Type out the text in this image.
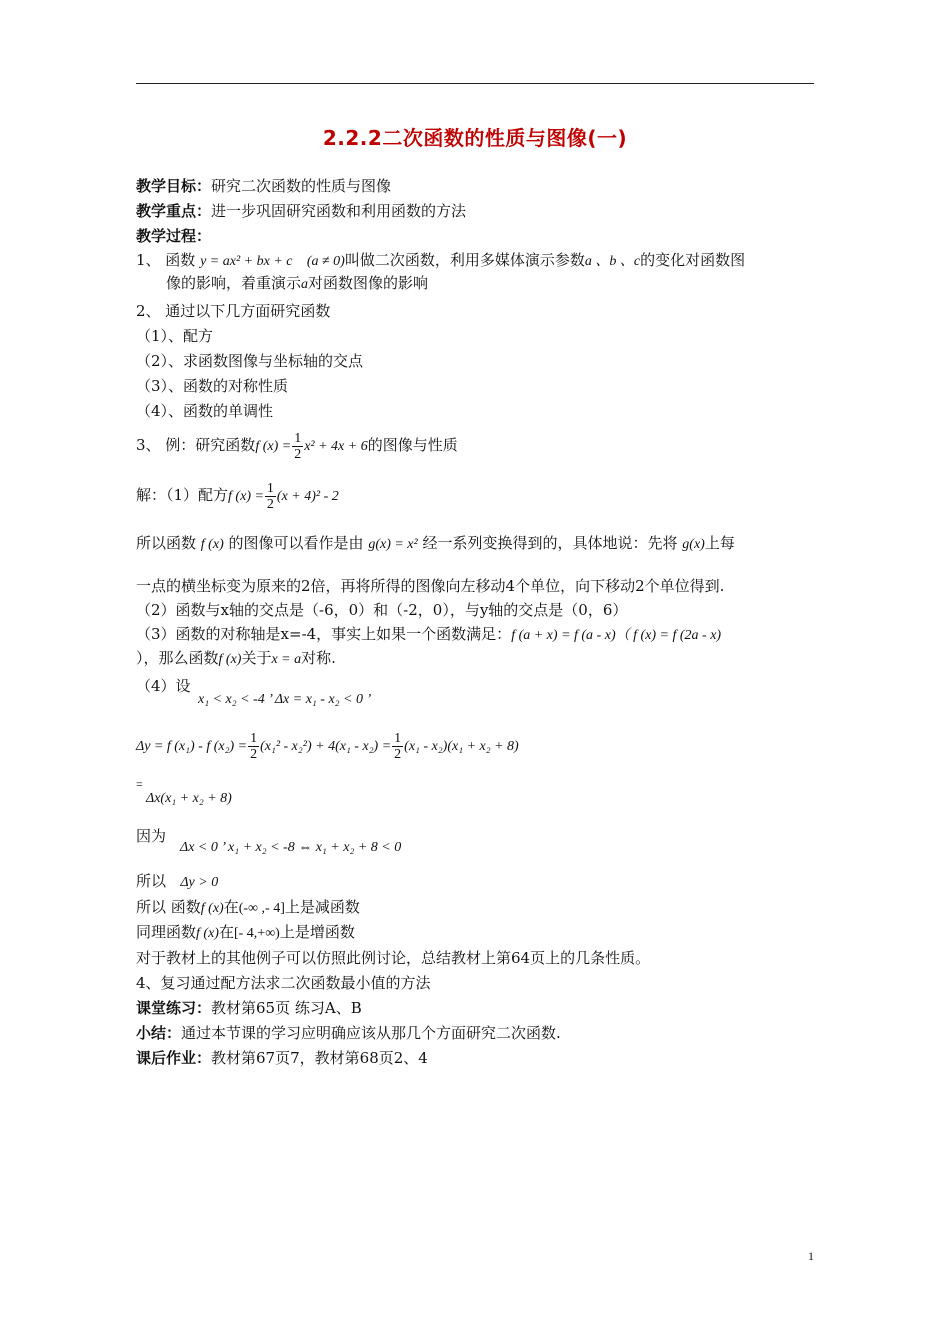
2.2.2二次函数的性质与图像(一)
教学目标：研究二次函数的性质与图像
教学重点：进一步巩固研究函数和利用函数的方法
教学过程：
1、 函数 y = ax² + bx + c (a ≠ 0)叫做二次函数，利用多媒体演示参数a 、b 、c的变化对函数图
像的影响，着重演示a对函数图像的影响
2、 通过以下几方面研究函数
（1）、配方
（2）、求函数图像与坐标轴的交点
（3）、函数的对称性质
（4）、函数的单调性
3、 例：研究函数f $(x) = \frac{1}{2} x^2 + 4x + 6$的图像与性质
解：（1）配方f $(x) = \frac{1}{2} (x + 4)^2 - 2$
所以函数 f (x) 的图像可以看作是由 g(x) = x² 经一系列变换得到的，具体地说：先将 g(x)上每
一点的横坐标变为原来的2倍，再将所得的图像向左移动4个单位，向下移动2个单位得到.
（2）函数与x轴的交点是（-6，0）和（-2，0），与y轴的交点是（0，6）
（3）函数的对称轴是x=-4，事实上如果一个函数满足：f (a + x) = f (a - x)（ f (x) = f (2a - x)
），那么函数f (x)关于x = a对称.
（4）设
x₁ < x₂ < -4 ’ Δx = x₁ - x₂ < 0 ’
Δy = f (x₁) - f $(x_2) = \frac{1}{2} (x_1^2 - x_2^2) + 4(x_1 - x_2) = \frac{1}{2} (x_1 - x_2)(x_1 + x_2 + 8)$
=
Δx(x₁ + x₂ + 8)
因为
Δx < 0 ’ x₁ + x₂ < -8 ⇔ x₁ + x₂ + 8 < 0
所以 Δy > 0
所以 函数f (x)在(-∞ ,- 4]上是减函数
同理函数f (x)在[- 4,+∞)上是增函数
对于教材上的其他例子可以仿照此例讨论，总结教材上第64页上的几条性质。
4、复习通过配方法求二次函数最小值的方法
课堂练习：教材第65页 练习A、B
小结：通过本节课的学习应明确应该从那几个方面研究二次函数.
课后作业：教材第67页7，教材第68页2、4
1
